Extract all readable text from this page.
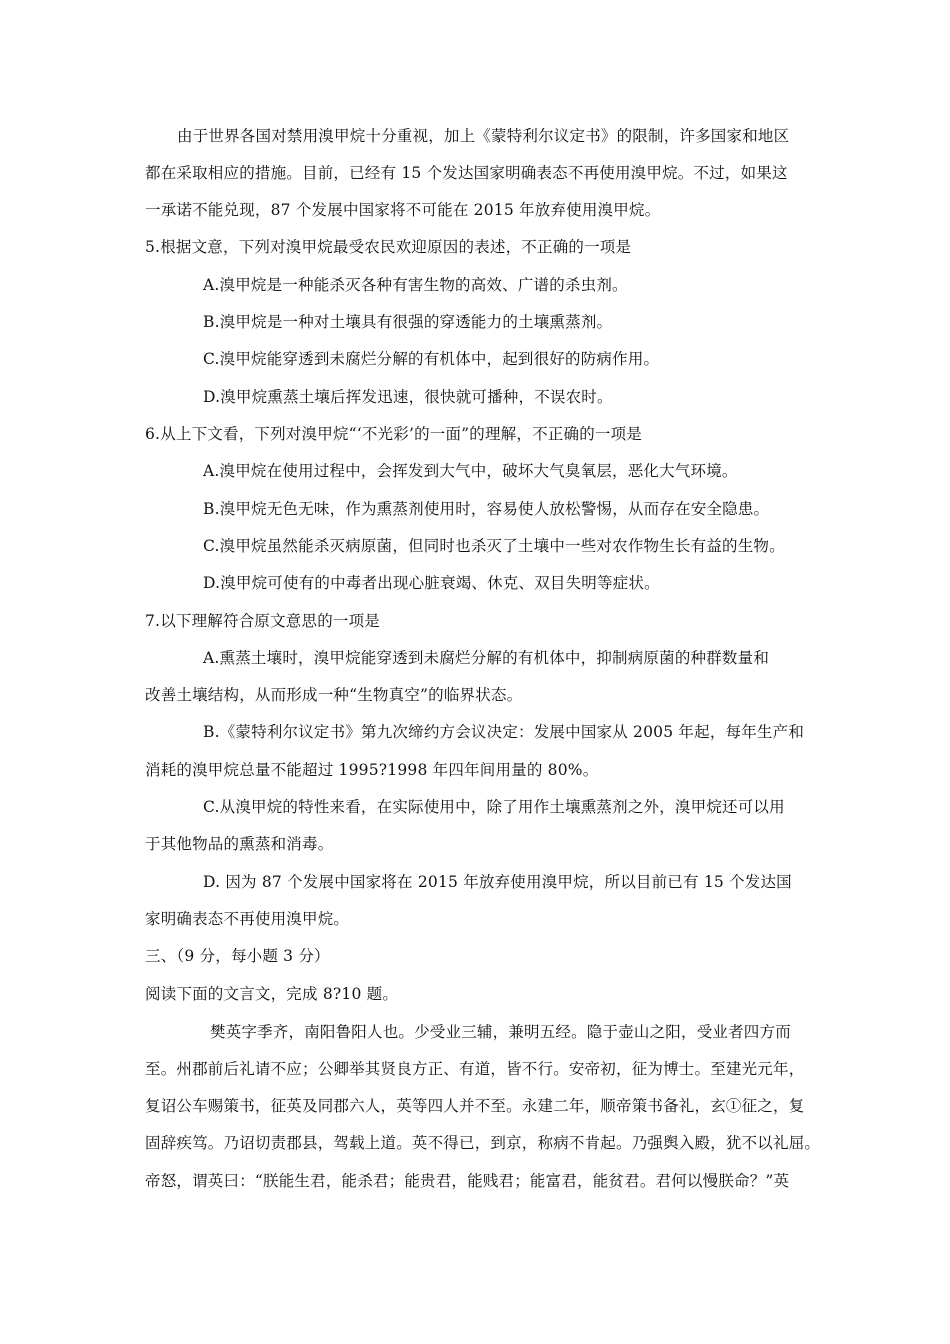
由于世界各国对禁用溴甲烷十分重视，加上《蒙特利尔议定书》的限制，许多国家和地区
都在采取相应的措施。目前，已经有 15 个发达国家明确表态不再使用溴甲烷。不过，如果这
一承诺不能兑现，87 个发展中国家将不可能在 2015 年放弃使用溴甲烷。
5.根据文意，下列对溴甲烷最受农民欢迎原因的表述，不正确的一项是
A.溴甲烷是一种能杀灭各种有害生物的高效、广谱的杀虫剂。
B.溴甲烷是一种对土壤具有很强的穿透能力的土壤熏蒸剂。
C.溴甲烷能穿透到未腐烂分解的有机体中，起到很好的防病作用。
D.溴甲烷熏蒸土壤后挥发迅速，很快就可播种，不误农时。
6.从上下文看，下列对溴甲烷“‘不光彩’的一面”的理解，不正确的一项是
A.溴甲烷在使用过程中，会挥发到大气中，破坏大气臭氧层，恶化大气环境。
B.溴甲烷无色无味，作为熏蒸剂使用时，容易使人放松警惕，从而存在安全隐患。
C.溴甲烷虽然能杀灭病原菌，但同时也杀灭了土壤中一些对农作物生长有益的生物。
D.溴甲烷可使有的中毒者出现心脏衰竭、休克、双目失明等症状。
7.以下理解符合原文意思的一项是
A.熏蒸土壤时，溴甲烷能穿透到未腐烂分解的有机体中，抑制病原菌的种群数量和
改善土壤结构，从而形成一种“生物真空”的临界状态。
B.《蒙特利尔议定书》第九次缔约方会议决定：发展中国家从 2005 年起，每年生产和
消耗的溴甲烷总量不能超过 1995?1998 年四年间用量的 80%。
C.从溴甲烷的特性来看，在实际使用中，除了用作土壤熏蒸剂之外，溴甲烷还可以用
于其他物品的熏蒸和消毒。
D. 因为 87 个发展中国家将在 2015 年放弃使用溴甲烷，所以目前已有 15 个发达国
家明确表态不再使用溴甲烷。
三、（9 分，每小题 3 分）
阅读下面的文言文，完成 8?10 题。
樊英字季齐，南阳鲁阳人也。少受业三辅，兼明五经。隐于壶山之阳，受业者四方而
至。州郡前后礼请不应；公卿举其贤良方正、有道，皆不行。安帝初，征为博士。至建光元年，
复诏公车赐策书，征英及同郡六人，英等四人并不至。永建二年，顺帝策书备礼，玄①征之，复
固辞疾笃。乃诏切责郡县，驾载上道。英不得已，到京，称病不肯起。乃强舆入殿，犹不以礼屈。
帝怒，谓英曰：“朕能生君，能杀君；能贵君，能贱君；能富君，能贫君。君何以慢朕命？”英
